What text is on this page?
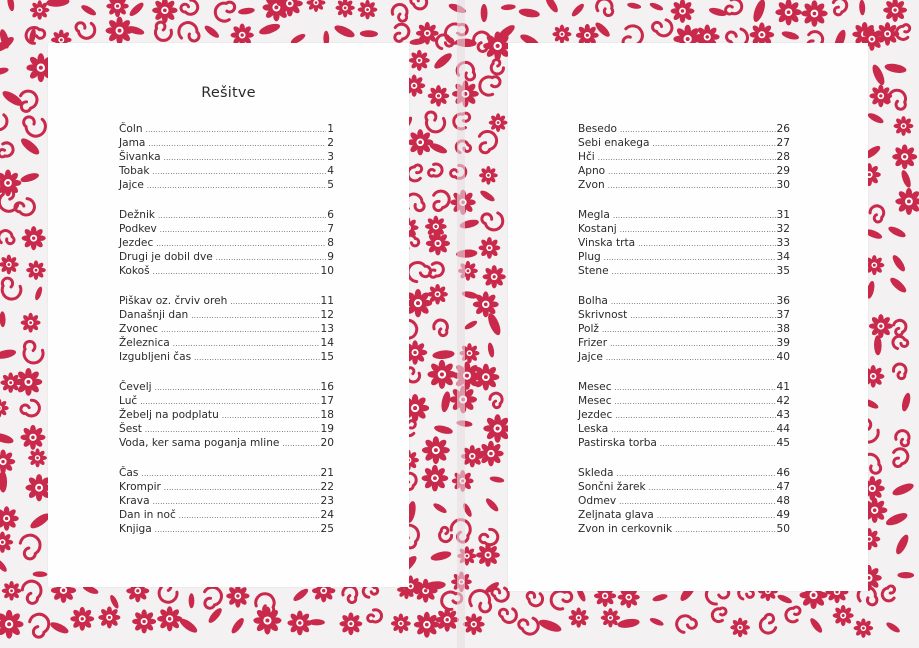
Rešitve
Čoln .....	1
Jama .....	2
Šivanka .....	3
Tobak .....	4
Jajce .....	5
Dežnik .....	6
Podkev .....	7
Jezdec .....	8
Drugi je dobil dve .....	9
Kokoš .....	10
Piškav oz. črviv oreh .....	11
Današnji dan .....	12
Zvonec .....	13
Železnica .....	14
Izgubljeni čas .....	15
Čevelj .....	16
Luč .....	17
Žebelj na podplatu .....	18
Šest .....	19
Voda, ker sama poganja mline .....	20
Čas .....	21
Krompir .....	22
Krava .....	23
Dan in noč .....	24
Knjiga .....	25
Besedo .....	26
Sebi enakega .....	27
Hči .....	28
Apno .....	29
Zvon .....	30
Megla .....	31
Kostanj .....	32
Vinska trta .....	33
Plug .....	34
Stene .....	35
Bolha .....	36
Skrivnost .....	37
Polž .....	38
Frizer .....	39
Jajce .....	40
Mesec .....	41
Mesec .....	42
Jezdec .....	43
Leska .....	44
Pastirska torba .....	45
Skleda .....	46
Sončni žarek .....	47
Odmev .....	48
Zeljnata glava .....	49
Zvon in cerkovnik .....	50
